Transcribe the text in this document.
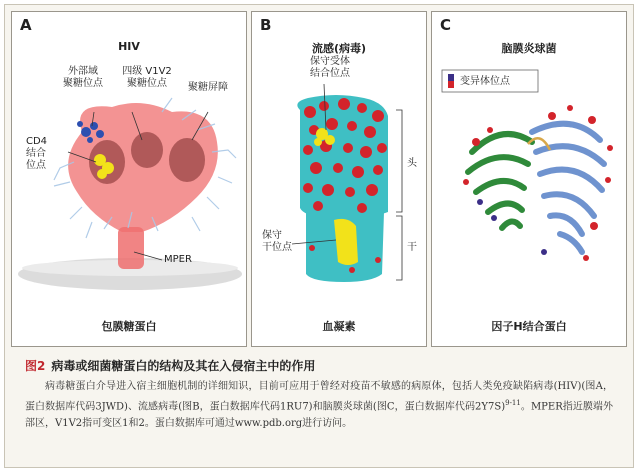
A
HIV
外部域
聚糖位点
四级 V1V2
聚糖位点	聚糖屏障
CD4
结合
位点
MPER
包膜糖蛋白
B
流感(病毒)
保守受体
结合位点
头
保守
干位点	干
血凝素
C
脑膜炎球菌
变异体位点
因子H结合蛋白
图2 病毒或细菌糖蛋白的结构及其在入侵宿主中的作用

病毒糖蛋白介导进入宿主细胞机制的详细知识，目前可应用于曾经对疫苗不敏感的病原体，包括人类免疫缺陷病毒(HIV)(图A，蛋白数据库代码3JWD)、流感病毒(图B，蛋白数据库代码1RU7)和脑膜炎球菌(图C，蛋白数据库代码2Y7S)$^{9-11}$。MPER指近膜端外部区，V1V2指可变区1和2。蛋白数据库可通过www.pdb.org进行访问。
